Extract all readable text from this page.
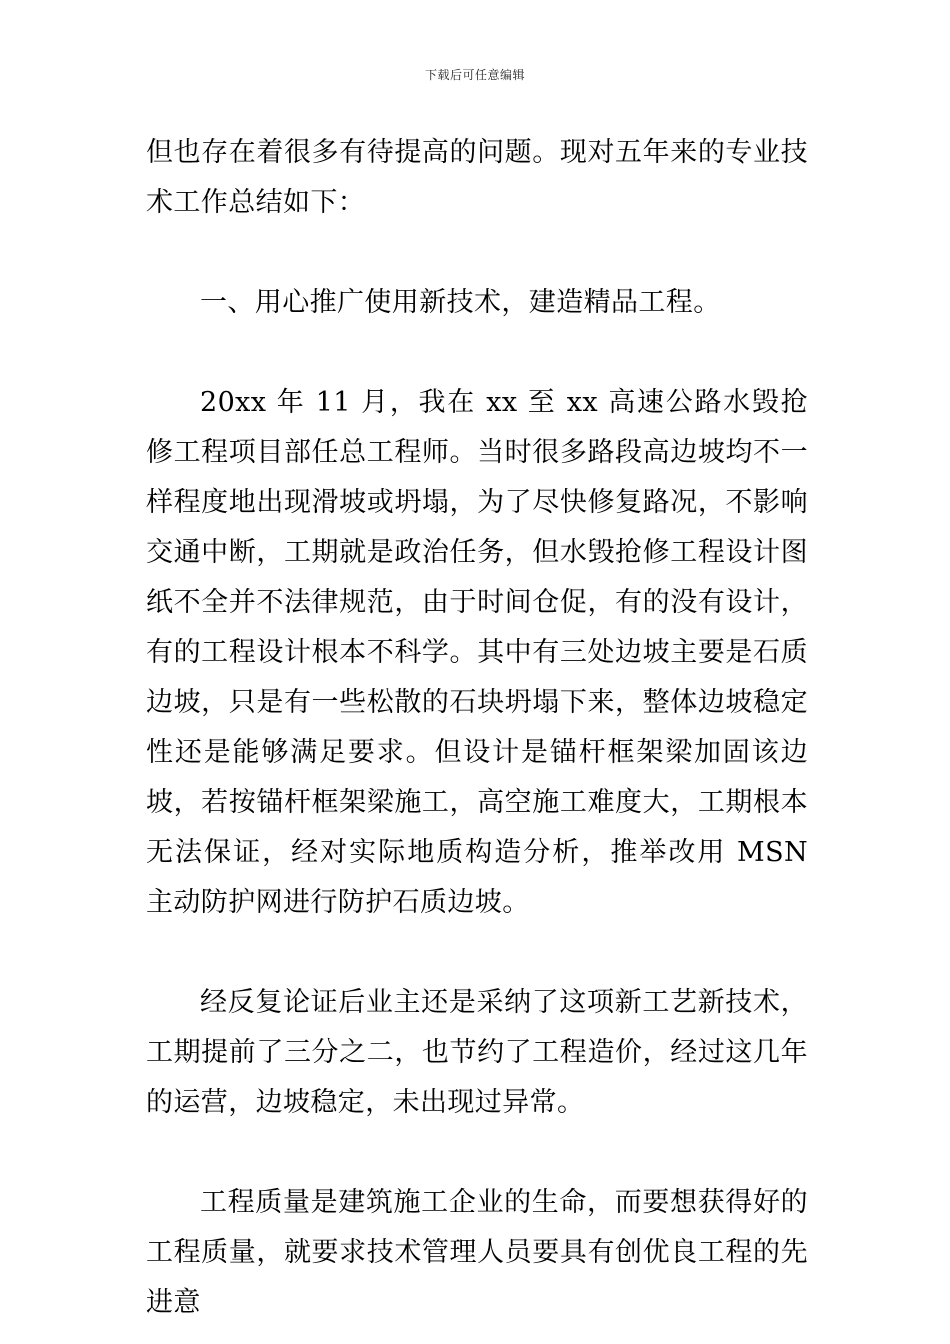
下载后可任意编辑

但也存在着很多有待提高的问题。现对五年来的专业技术工作总结如下：

一、用心推广使用新技术，建造精品工程。

20xx 年 11 月，我在 xx 至 xx 高速公路水毁抢修工程项目部任总工程师。当时很多路段高边坡均不一样程度地出现滑坡或坍塌，为了尽快修复路况，不影响交通中断，工期就是政治任务，但水毁抢修工程设计图纸不全并不法律规范，由于时间仓促，有的没有设计，有的工程设计根本不科学。其中有三处边坡主要是石质边坡，只是有一些松散的石块坍塌下来，整体边坡稳定性还是能够满足要求。但设计是锚杆框架梁加固该边坡，若按锚杆框架梁施工，高空施工难度大，工期根本无法保证，经对实际地质构造分析，推举改用 MSN 主动防护网进行防护石质边坡。

经反复论证后业主还是采纳了这项新工艺新技术，工期提前了三分之二，也节约了工程造价，经过这几年的运营，边坡稳定，未出现过异常。

工程质量是建筑施工企业的生命，而要想获得好的工程质量，就要求技术管理人员要具有创优良工程的先进意
